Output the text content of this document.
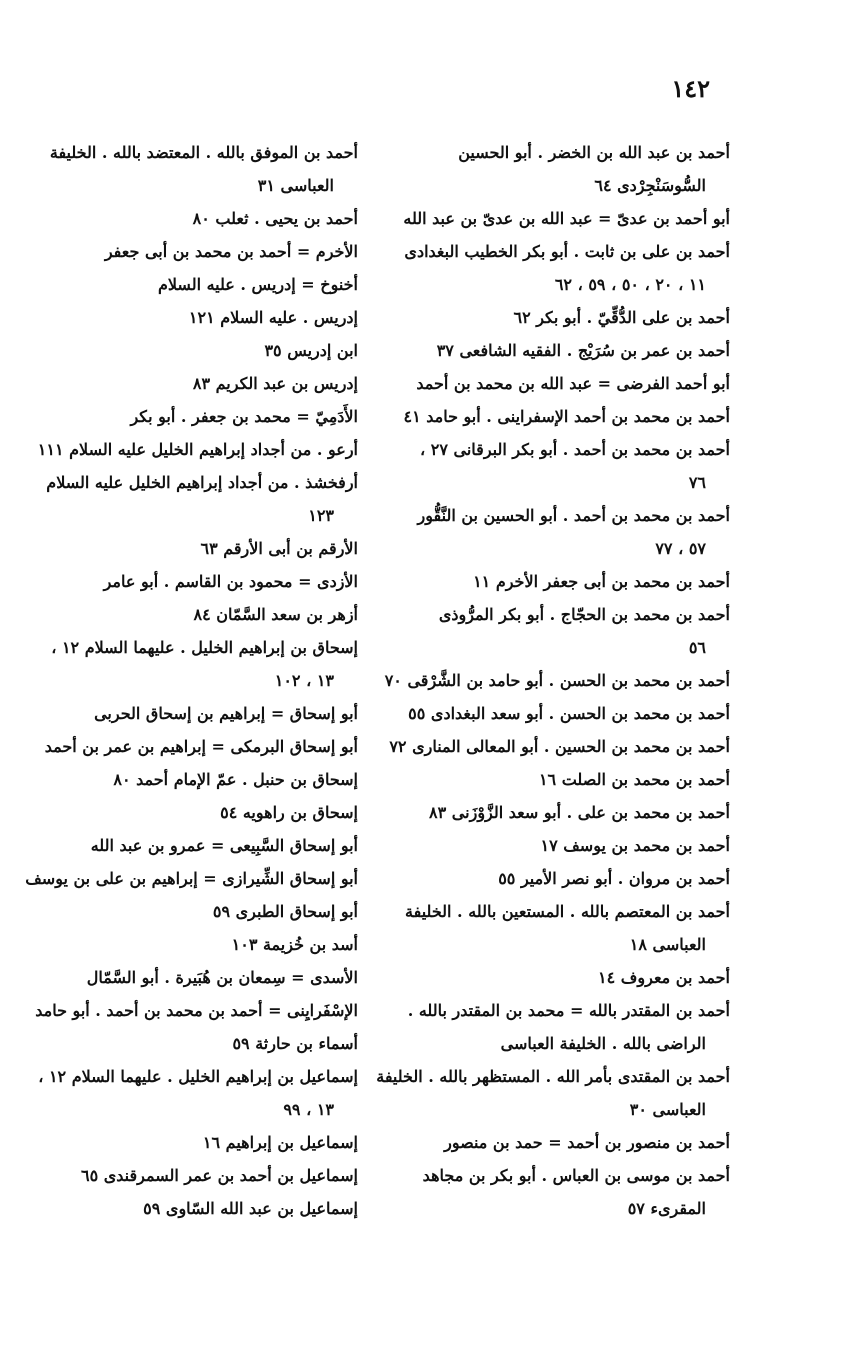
١٤٢
أحمد بن عبد الله بن الخضر . أبو الحسين
السُّوسَنْجِرْدى ٦٤
أبو أحمد بن عدىّ = عبد الله بن عدىّ بن عبد الله
أحمد بن على بن ثابت . أبو بكر الخطيب البغدادى
١١ ، ٢٠ ، ٥٠ ، ٥٩ ، ٦٢
أحمد بن على الدُّقِّيّ . أبو بكر ٦٢
أحمد بن عمر بن سُرَيْج . الفقيه الشافعى ٣٧
أبو أحمد الفرضى = عبد الله بن محمد بن أحمد
أحمد بن محمد بن أحمد الإسفراينى . أبو حامد ٤١
أحمد بن محمد بن أحمد . أبو بكر البرقانى ٢٧ ،
٧٦
أحمد بن محمد بن أحمد . أبو الحسين بن النَّقُّور
٥٧ ، ٧٧
أحمد بن محمد بن أبى جعفر الأخرم ١١
أحمد بن محمد بن الحجّاج . أبو بكر المرُّوذى
٥٦
أحمد بن محمد بن الحسن . أبو حامد بن الشَّرْقى ٧٠
أحمد بن محمد بن الحسن . أبو سعد البغدادى ٥٥
أحمد بن محمد بن الحسين . أبو المعالى المنارى ٧٢
أحمد بن محمد بن الصلت ١٦
أحمد بن محمد بن على . أبو سعد الزَّوْزَنى ٨٣
أحمد بن محمد بن يوسف ١٧
أحمد بن مروان . أبو نصر الأمير ٥٥
أحمد بن المعتصم بالله . المستعين بالله . الخليفة
العباسى ١٨
أحمد بن معروف ١٤
أحمد بن المقتدر بالله = محمد بن المقتدر بالله .
الراضى بالله . الخليفة العباسى
أحمد بن المقتدى بأمر الله . المستظهر بالله . الخليفة
العباسى ٣٠
أحمد بن منصور بن أحمد = حمد بن منصور
أحمد بن موسى بن العباس . أبو بكر بن مجاهد
المقرىء ٥٧
أحمد بن الموفق بالله . المعتضد بالله . الخليفة
العباسى ٣١
أحمد بن يحيى . ثعلب ٨٠
الأخرم = أحمد بن محمد بن أبى جعفر
أخنوخ = إدريس . عليه السلام
إدريس . عليه السلام ١٢١
ابن إدريس ٣٥
إدريس بن عبد الكريم ٨٣
الأَدَمِيّ = محمد بن جعفر . أبو بكر
أرعو . من أجداد إبراهيم الخليل عليه السلام ١١١
أرفخشذ . من أجداد إبراهيم الخليل عليه السلام
١٢٣
الأرقم بن أبى الأرقم ٦٣
الأزدى = محمود بن القاسم . أبو عامر
أزهر بن سعد السَّمّان ٨٤
إسحاق بن إبراهيم الخليل . عليهما السلام ١٢ ،
١٣ ، ١٠٢
أبو إسحاق = إبراهيم بن إسحاق الحربى
أبو إسحاق البرمكى = إبراهيم بن عمر بن أحمد
إسحاق بن حنبل . عمّ الإمام أحمد ٨٠
إسحاق بن راهويه ٥٤
أبو إسحاق السَّبِيعى = عمرو بن عبد الله
أبو إسحاق الشِّيرازى = إبراهيم بن على بن يوسف
أبو إسحاق الطبرى ٥٩
أسد بن خُزيمة ١٠٣
الأسدى = سِمعان بن هُبَيرة . أبو السَّمّال
الإسْفَرايِنى = أحمد بن محمد بن أحمد . أبو حامد
أسماء بن حارثة ٥٩
إسماعيل بن إبراهيم الخليل . عليهما السلام ١٢ ،
١٣ ، ٩٩
إسماعيل بن إبراهيم ١٦
إسماعيل بن أحمد بن عمر السمرقندى ٦٥
إسماعيل بن عبد الله السّاوى ٥٩
